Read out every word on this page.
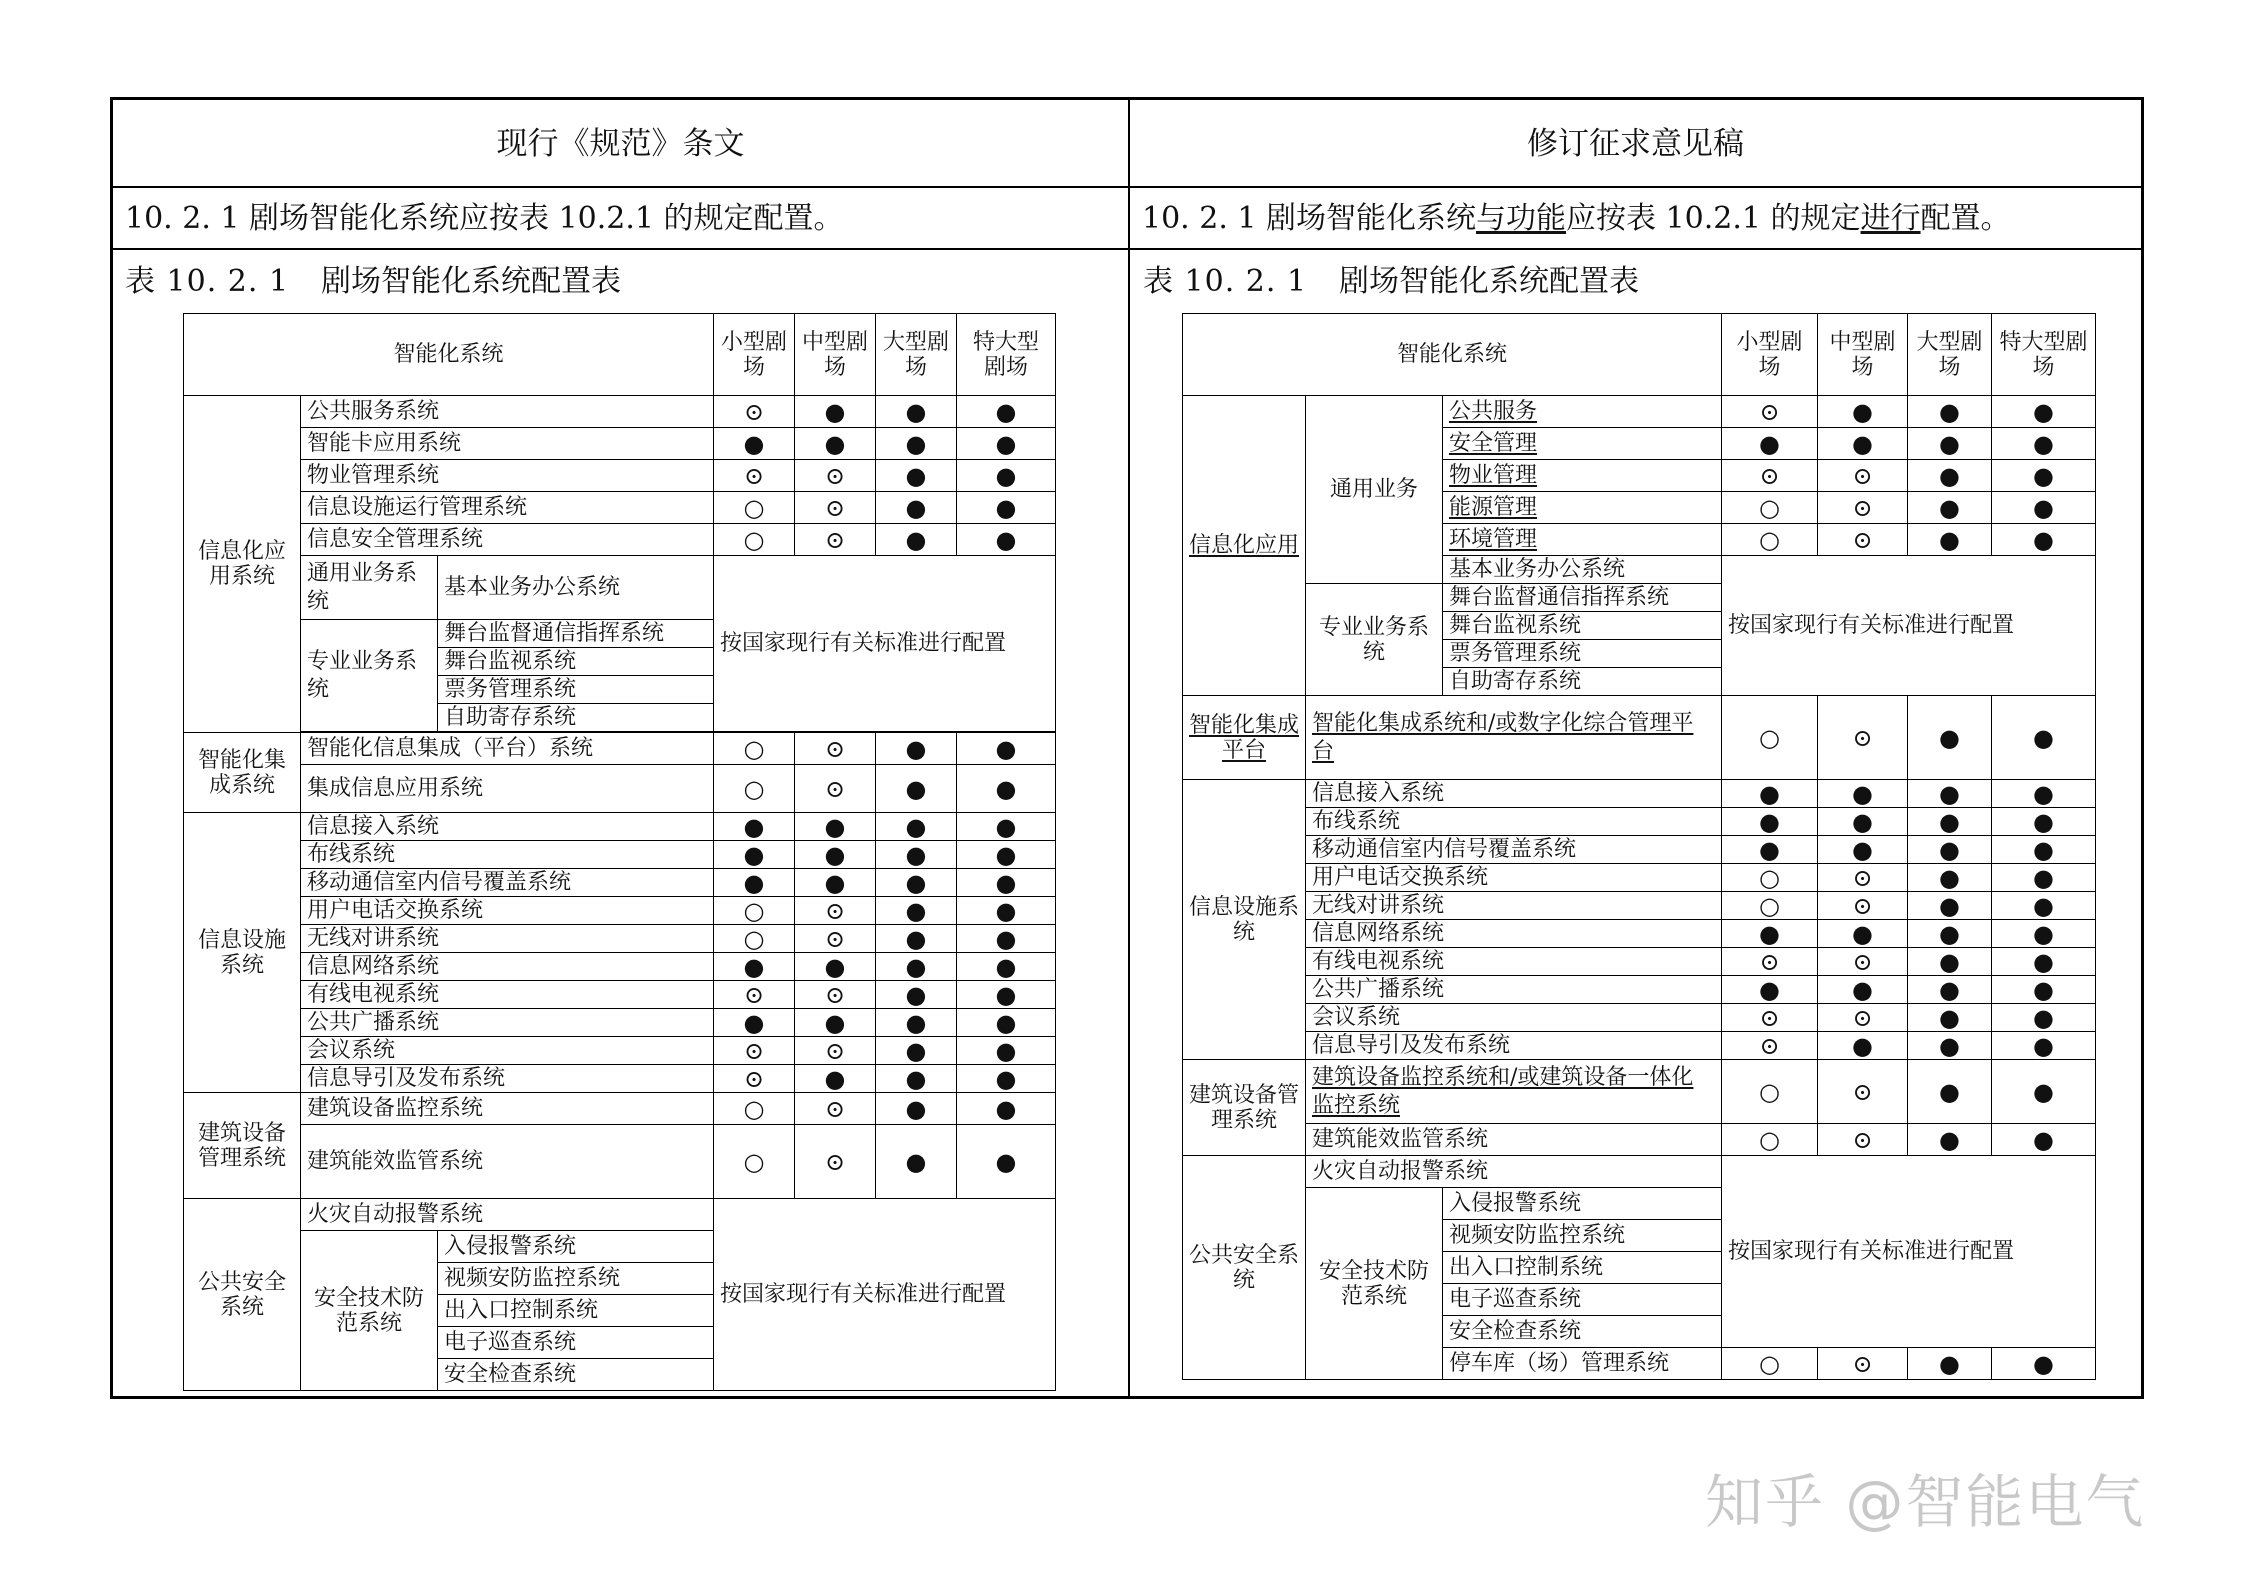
现行《规范》条文	修订征求意见稿
10. 2. 1 剧场智能化系统应按表 10.2.1 的规定配置。	10. 2. 1 剧场智能化系统与功能应按表 10.2.1 的规定进行配置。
表 10. 2. 1 剧场智能化系统配置表	表 10. 2. 1 剧场智能化系统配置表
智能化系统			小型剧场	中型剧场	大型剧场	特大型剧场
信息化应用系统	公共服务系统		⊙	●	●	●
	智能卡应用系统		●	●	●	●
	物业管理系统		⊙	⊙	●	●
	信息设施运行管理系统		○	⊙	●	●
	信息安全管理系统		○	⊙	●	●
	通用业务系统	基本业务办公系统	按国家现行有关标准进行配置			
	专业业务系统	舞台监督通信指挥系统				
		舞台监视系统				
		票务管理系统				
		自助寄存系统				

智能化集成系统	智能化信息集成（平台）系统		○	⊙	●	●
	集成信息应用系统		○	⊙	●	●
信息设施系统	信息接入系统		●	●	●	●
	布线系统		●	●	●	●
	移动通信室内信号覆盖系统		●	●	●	●
	用户电话交换系统		○	⊙	●	●
	无线对讲系统		○	⊙	●	●
	信息网络系统		●	●	●	●
	有线电视系统		⊙	⊙	●	●
	公共广播系统		●	●	●	●
	会议系统		⊙	⊙	●	●
	信息导引及发布系统		⊙	●	●	●
建筑设备管理系统	建筑设备监控系统		○	⊙	●	●
	建筑能效监管系统		○	⊙	●	●
公共安全系统	火灾自动报警系统		按国家现行有关标准进行配置			
	安全技术防范系统	入侵报警系统				
		视频安防监控系统				
		出入口控制系统				
		电子巡查系统				
		安全检查系统				
智能化系统			小型剧场	中型剧场	大型剧场	特大型剧场
信息化应用	通用业务	公共服务	⊙	●	●	●
		安全管理	●	●	●	●
		物业管理	⊙	⊙	●	●
		能源管理	○	⊙	●	●
		环境管理	○	⊙	●	●
		基本业务办公系统	按国家现行有关标准进行配置			
	专业业务系统	舞台监督通信指挥系统				
		舞台监视系统				
		票务管理系统				
		自助寄存系统				
智能化集成平台	智能化集成系统和/或数字化综合管理平台		○	⊙	●	●
信息设施系统	信息接入系统		●	●	●	●
	布线系统		●	●	●	●
	移动通信室内信号覆盖系统		●	●	●	●
	用户电话交换系统		○	⊙	●	●
	无线对讲系统		○	⊙	●	●
	信息网络系统		●	●	●	●
	有线电视系统		⊙	⊙	●	●
	公共广播系统		●	●	●	●
	会议系统		⊙	⊙	●	●
	信息导引及发布系统		⊙	●	●	●
建筑设备管理系统	建筑设备监控系统和/或建筑设备一体化监控系统		○	⊙	●	●
	建筑能效监管系统		○	⊙	●	●
公共安全系统	火灾自动报警系统		按国家现行有关标准进行配置			
	安全技术防范系统	入侵报警系统				
		视频安防监控系统				
		出入口控制系统				
		电子巡查系统				
		安全检查系统				
		停车库（场）管理系统	○	⊙	●	●
知乎 @智能电气
